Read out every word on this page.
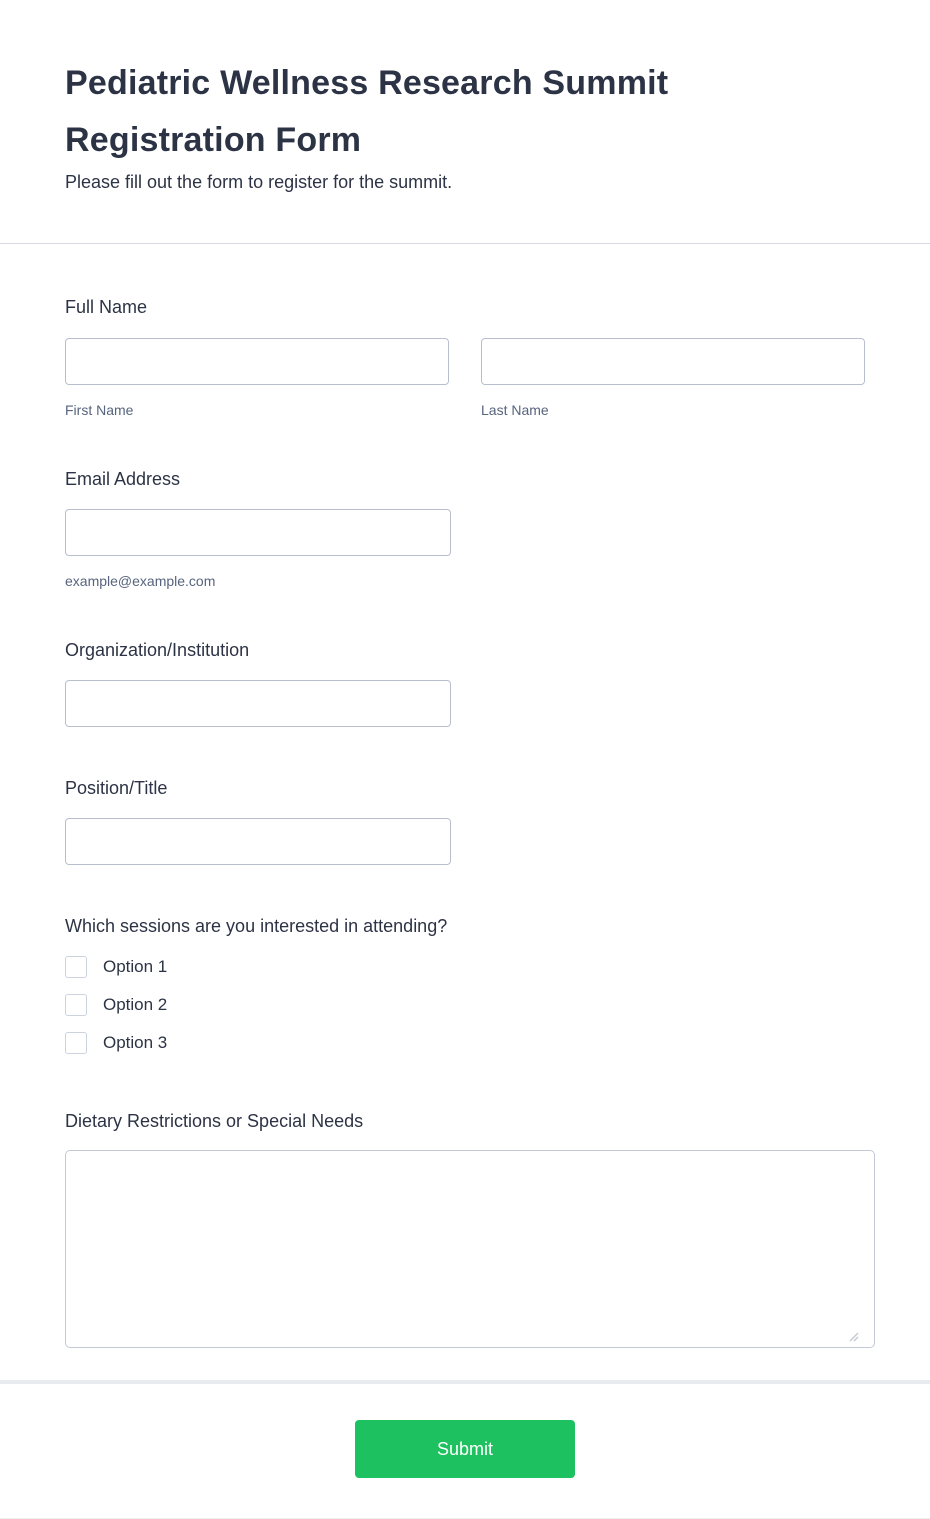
Pediatric Wellness Research Summit Registration Form
Please fill out the form to register for the summit.
Full Name
First Name	Last Name
Email Address
example@example.com
Organization/Institution
Position/Title
Which sessions are you interested in attending?
Option 1
Option 2
Option 3
Dietary Restrictions or Special Needs
Submit
